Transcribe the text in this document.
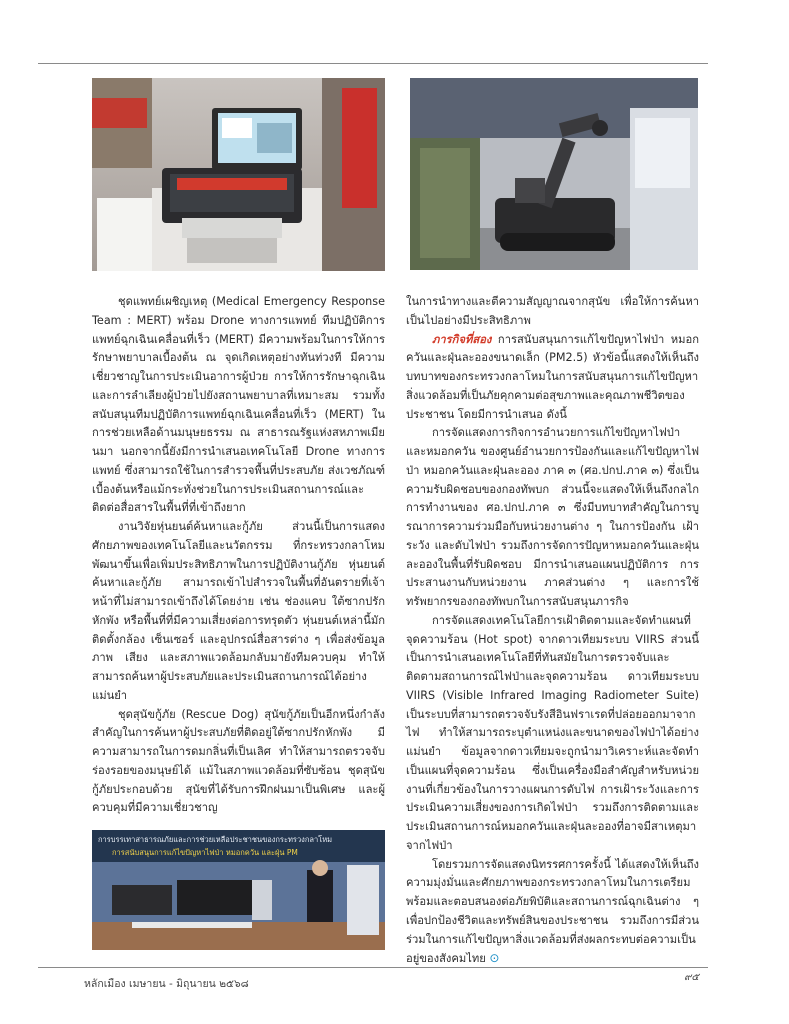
ชุดแพทย์เผชิญเหตุ (Medical Emergency Response Team : MERT) พร้อม Drone ทางการแพทย์ ทีมปฏิบัติการแพทย์ฉุกเฉินเคลื่อนที่เร็ว (MERT) มีความพร้อมในการให้การรักษาพยาบาลเบื้องต้น ณ จุดเกิดเหตุอย่างทันท่วงที มีความเชี่ยวชาญในการประเมินอาการผู้ป่วย การให้การรักษาฉุกเฉิน และการลำเลียงผู้ป่วยไปยังสถานพยาบาลที่เหมาะสม รวมทั้งสนับสนุนทีมปฏิบัติการแพทย์ฉุกเฉินเคลื่อนที่เร็ว (MERT) ในการช่วยเหลือด้านมนุษยธรรม ณ สาธารณรัฐแห่งสหภาพเมียนมา นอกจากนี้ยังมีการนำเสนอเทคโนโลยี Drone ทางการแพทย์ ซึ่งสามารถใช้ในการสำรวจพื้นที่ประสบภัย ส่งเวชภัณฑ์เบื้องต้นหรือแม้กระทั่งช่วยในการประเมินสถานการณ์และติดต่อสื่อสารในพื้นที่ที่เข้าถึงยาก

งานวิจัยหุ่นยนต์ค้นหาและกู้ภัย ส่วนนี้เป็นการแสดงศักยภาพของเทคโนโลยีและนวัตกรรม ที่กระทรวงกลาโหมพัฒนาขึ้นเพื่อเพิ่มประสิทธิภาพในการปฏิบัติงานกู้ภัย หุ่นยนต์ค้นหาและกู้ภัย สามารถเข้าไปสำรวจในพื้นที่อันตรายที่เจ้าหน้าที่ไม่สามารถเข้าถึงได้โดยง่าย เช่น ช่องแคบ ใต้ซากปรักหักพัง หรือพื้นที่ที่มีความเสี่ยงต่อการทรุดตัว หุ่นยนต์เหล่านี้มักติดตั้งกล้อง เซ็นเซอร์ และอุปกรณ์สื่อสารต่าง ๆ เพื่อส่งข้อมูลภาพ เสียง และสภาพแวดล้อมกลับมายังทีมควบคุม ทำให้สามารถค้นหาผู้ประสบภัยและประเมินสถานการณ์ได้อย่างแม่นยำ

ชุดสุนัขกู้ภัย (Rescue Dog) สุนัขกู้ภัยเป็นอีกหนึ่งกำลังสำคัญในการค้นหาผู้ประสบภัยที่ติดอยู่ใต้ซากปรักหักพัง มีความสามารถในการดมกลิ่นที่เป็นเลิศ ทำให้สามารถตรวจจับร่องรอยของมนุษย์ได้ แม้ในสภาพแวดล้อมที่ซับซ้อน ชุดสุนัขกู้ภัยประกอบด้วย สุนัขที่ได้รับการฝึกฝนมาเป็นพิเศษ และผู้ควบคุมที่มีความเชี่ยวชาญ

การบรรเทาสาธารณภัยและการช่วยเหลือประชาชนของกระทรวงกลาโหม
การสนับสนุนการแก้ไขปัญหาไฟป่า หมอกควัน และฝุ่น PM

ในการนำทางและตีความสัญญาณจากสุนัข เพื่อให้การค้นหาเป็นไปอย่างมีประสิทธิภาพ

ภารกิจที่สอง การสนับสนุนการแก้ไขปัญหาไฟป่า หมอกควันและฝุ่นละอองขนาดเล็ก (PM2.5) หัวข้อนี้แสดงให้เห็นถึงบทบาทของกระทรวงกลาโหมในการสนับสนุนการแก้ไขปัญหาสิ่งแวดล้อมที่เป็นภัยคุกคามต่อสุขภาพและคุณภาพชีวิตของประชาชน โดยมีการนำเสนอ ดังนี้

การจัดแสดงการกิจการอำนวยการแก้ไขปัญหาไฟป่าและหมอกควัน ของศูนย์อำนวยการป้องกันและแก้ไขปัญหาไฟป่า หมอกควันและฝุ่นละออง ภาค ๓ (ศอ.ปกป.ภาค ๓) ซึ่งเป็นความรับผิดชอบของกองทัพบก ส่วนนี้จะแสดงให้เห็นถึงกลไกการทำงานของ ศอ.ปกป.ภาค ๓ ซึ่งมีบทบาทสำคัญในการบูรณาการความร่วมมือกับหน่วยงานต่าง ๆ ในการป้องกัน เฝ้าระวัง และดับไฟป่า รวมถึงการจัดการปัญหาหมอกควันและฝุ่นละอองในพื้นที่รับผิดชอบ มีการนำเสนอแผนปฏิบัติการ การประสานงานกับหน่วยงาน ภาคส่วนต่าง ๆ และการใช้ทรัพยากรของกองทัพบกในการสนับสนุนภารกิจ

การจัดแสดงเทคโนโลยีการเฝ้าติดตามและจัดทำแผนที่จุดความร้อน (Hot spot) จากดาวเทียมระบบ VIIRS ส่วนนี้เป็นการนำเสนอเทคโนโลยีที่ทันสมัยในการตรวจจับและติดตามสถานการณ์ไฟป่าและจุดความร้อน ดาวเทียมระบบ VIIRS (Visible Infrared Imaging Radiometer Suite) เป็นระบบที่สามารถตรวจจับรังสีอินฟราเรดที่ปล่อยออกมาจากไฟ ทำให้สามารถระบุตำแหน่งและขนาดของไฟป่าได้อย่างแม่นยำ ข้อมูลจากดาวเทียมจะถูกนำมาวิเคราะห์และจัดทำเป็นแผนที่จุดความร้อน ซึ่งเป็นเครื่องมือสำคัญสำหรับหน่วยงานที่เกี่ยวข้องในการวางแผนการดับไฟ การเฝ้าระวังและการประเมินความเสี่ยงของการเกิดไฟป่า รวมถึงการติดตามและประเมินสถานการณ์หมอกควันและฝุ่นละอองที่อาจมีสาเหตุมาจากไฟป่า

โดยรวมการจัดแสดงนิทรรศการครั้งนี้ ได้แสดงให้เห็นถึงความมุ่งมั่นและศักยภาพของกระทรวงกลาโหมในการเตรียมพร้อมและตอบสนองต่อภัยพิบัติและสถานการณ์ฉุกเฉินต่าง ๆ เพื่อปกป้องชีวิตและทรัพย์สินของประชาชน รวมถึงการมีส่วนร่วมในการแก้ไขปัญหาสิ่งแวดล้อมที่ส่งผลกระทบต่อความเป็นอยู่ของสังคมไทย ⊙

๙๕
หลักเมือง เมษายน - มิถุนายน ๒๕๖๘
